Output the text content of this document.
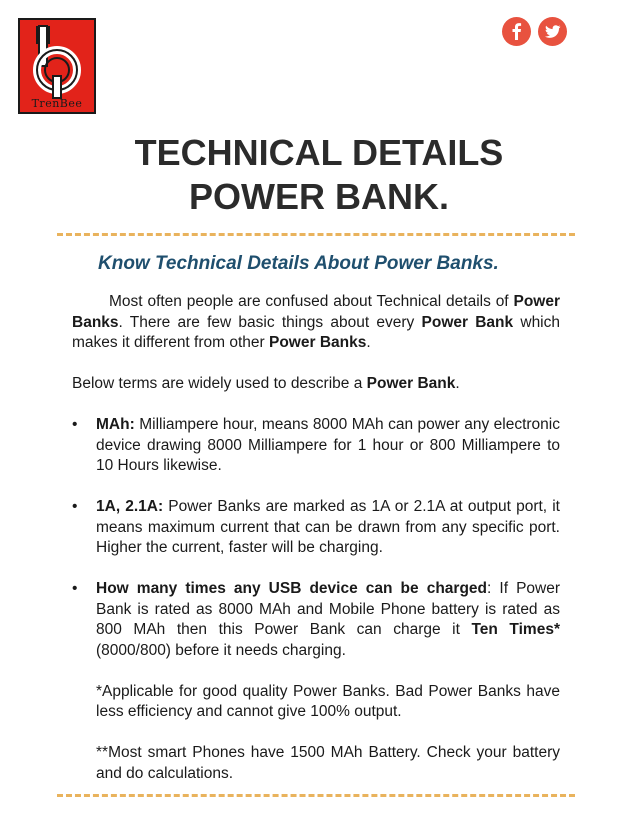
TrenBee
TECHNICAL DETAILS
POWER BANK.
Know Technical Details About Power Banks.

Most often people are confused about Technical details of Power Banks. There are few basic things about every Power Bank which makes it different from other Power Banks.

Below terms are widely used to describe a Power Bank.

• MAh: Milliampere hour, means 8000 MAh can power any electronic device drawing 8000 Milliampere for 1 hour or 800 Milliampere to 10 Hours likewise.
• 1A, 2.1A: Power Banks are marked as 1A or 2.1A at output port, it means maximum current that can be drawn from any specific port. Higher the current, faster will be charging.
• How many times any USB device can be charged: If Power Bank is rated as 8000 MAh and Mobile Phone battery is rated as 800 MAh then this Power Bank can charge it Ten Times* (8000/800) before it needs charging.

*Applicable for good quality Power Banks. Bad Power Banks have less efficiency and cannot give 100% output.

**Most smart Phones have 1500 MAh Battery. Check your battery and do calculations.
